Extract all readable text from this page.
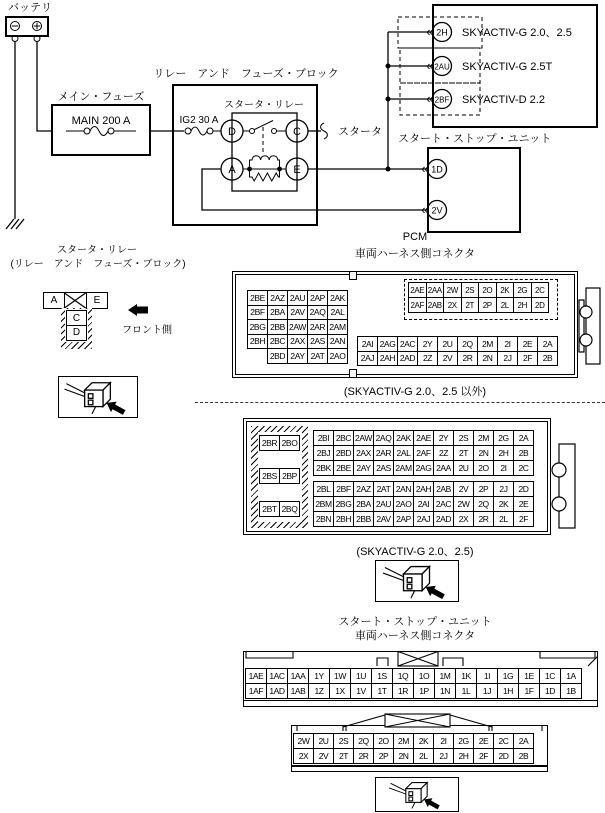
バッテリ
メイン・フューズ
MAIN 200 A
リレー　アンド　フューズ・ブロック
IG2 30 A
スタータ・リレー
D	C
A	E
スタータ
« 2H SKYACTIV-G 2.0、2.5
« 2AU SKYACTIV-G 2.5T
« 2BF SKYACTIV-D 2.2
スタート・ストップ・ユニット
« 1D
« 2V
スタータ・リレー
(リレー　アンド　フューズ・ブロック)
A	E
C
D	フロント側
PCM
車両ハーネス側コネクタ
2BE 2AZ 2AU 2AP 2AK
2BF 2BA 2AV 2AQ 2AL
2BG 2BB 2AW 2AR 2AM
2BH 2BC 2AX 2AS 2AN
2BD 2AY 2AT 2AO
2AE 2AA 2W 2S	2O	2K	2G 2C
2AF 2AB 2X	2T	2P	2L	2H	2D
2AI 2AG 2AC 2Y	2U	2Q	2M	2I	2E	2A
2AJ 2AH 2AD 2Z	2V	2R	2N	2J	2F	2B
(SKYACTIV-G 2.0、2.5 以外)
2BR 2BO
2BS 2BP
2BT 2BQ
2BI 2BC 2AW 2AQ 2AK 2AE 2Y	2S	2M	2G	2A
2BJ 2BD 2AX 2AR 2AL 2AF 2Z	2T	2N	2H	2B
2BK 2BE 2AY 2AS 2AM 2AG 2AA 2U	2O	2I	2C
2BL 2BF 2AZ 2AT 2AN 2AH 2AB 2V	2P	2J	2D
2BM 2BG 2BA 2AU 2AO 2AI 2AC 2W	2Q	2K	2E
2BN 2BH 2BB 2AV 2AP 2AJ 2AD 2X	2R	2L	2F
(SKYACTIV-G 2.0、2.5)
スタート・ストップ・ユニット
車両ハーネス側コネクタ
1AE 1AC 1AA	1Y	1W	1U	1S	1Q	1O	1M	1K	1I	1G	1E	1C	1A
1AF 1AD 1AB	1Z	1X	1V	1T	1R	1P	1N	1L	1J	1H	1F	1D	1B
2W	2U	2S	2Q	2O	2M	2K	2I	2G	2E	2C	2A
2X	2V	2T	2R	2P	2N	2L	2J	2H	2F	2D	2B
